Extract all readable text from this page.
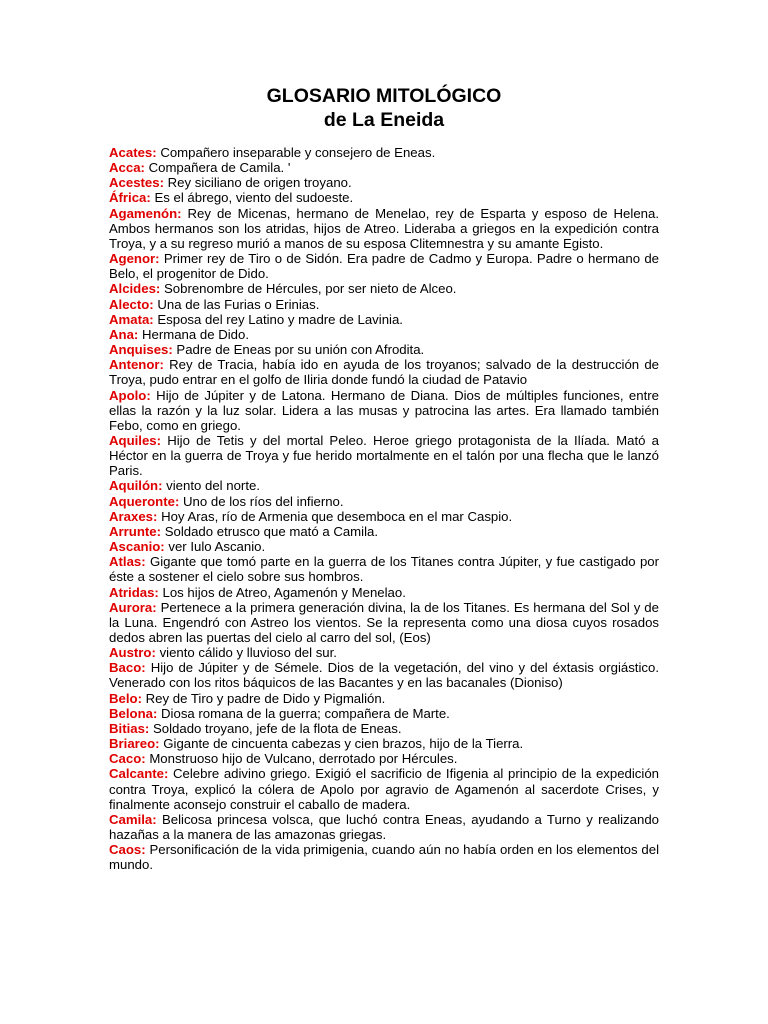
GLOSARIO MITOLÓGICO
de La Eneida

Acates: Compañero inseparable y consejero de Eneas.

Acca: Compañera de Camila. '

Acestes: Rey siciliano de origen troyano.

África: Es el ábrego, viento del sudoeste.

Agamenón: Rey de Micenas, hermano de Menelao, rey de Esparta y esposo de Helena. Ambos hermanos son los atridas, hijos de Atreo. Lideraba a griegos en la expedición contra Troya, y a su regreso murió a manos de su esposa Clitemnestra y su amante Egisto.

Agenor: Primer rey de Tiro o de Sidón. Era padre de Cadmo y Europa. Padre o hermano de Belo, el progenitor de Dido.

Alcides: Sobrenombre de Hércules, por ser nieto de Alceo.

Alecto: Una de las Furias o Erinias.

Amata: Esposa del rey Latino y madre de Lavinia.

Ana: Hermana de Dido.

Anquises: Padre de Eneas por su unión con Afrodita.

Antenor: Rey de Tracia, había ido en ayuda de los troyanos; salvado de la destrucción de Troya, pudo entrar en el golfo de Iliria donde fundó la ciudad de Patavio

Apolo: Hijo de Júpiter y de Latona. Hermano de Diana. Dios de múltiples funciones, entre ellas la razón y la luz solar. Lidera a las musas y patrocina las artes. Era llamado también Febo, como en griego.

Aquiles: Hijo de Tetis y del mortal Peleo. Heroe griego protagonista de la Ilíada. Mató a Héctor en la guerra de Troya y fue herido mortalmente en el talón por una flecha que le lanzó Paris.

Aquilón: viento del norte.

Aqueronte: Uno de los ríos del infierno.

Araxes: Hoy Aras, río de Armenia que desemboca en el mar Caspio.

Arrunte: Soldado etrusco que mató a Camila.

Ascanio: ver Iulo Ascanio.

Atlas: Gigante que tomó parte en la guerra de los Titanes contra Júpiter, y fue castigado por éste a sostener el cielo sobre sus hombros.

Atridas: Los hijos de Atreo, Agamenón y Menelao.

Aurora: Pertenece a la primera generación divina, la de los Titanes. Es hermana del Sol y de la Luna. Engendró con Astreo los vientos. Se la representa como una diosa cuyos rosados dedos abren las puertas del cielo al carro del sol, (Eos)

Austro: viento cálido y lluvioso del sur.

Baco: Hijo de Júpiter y de Sémele. Dios de la vegetación, del vino y del éxtasis orgiástico. Venerado con los ritos báquicos de las Bacantes y en las bacanales (Dioniso)

Belo: Rey de Tiro y padre de Dido y Pigmalión.

Belona: Diosa romana de la guerra; compañera de Marte.

Bitias: Soldado troyano, jefe de la flota de Eneas.

Briareo: Gigante de cincuenta cabezas y cien brazos, hijo de la Tierra.

Caco: Monstruoso hijo de Vulcano, derrotado por Hércules.

Calcante: Celebre adivino griego. Exigió el sacrificio de Ifigenia al principio de la expedición contra Troya, explicó la cólera de Apolo por agravio de Agamenón al sacerdote Crises, y finalmente aconsejo construir el caballo de madera.

Camila: Belicosa princesa volsca, que luchó contra Eneas, ayudando a Turno y realizando hazañas a la manera de las amazonas griegas.

Caos: Personificación de la vida primigenia, cuando aún no había orden en los elementos del mundo.
